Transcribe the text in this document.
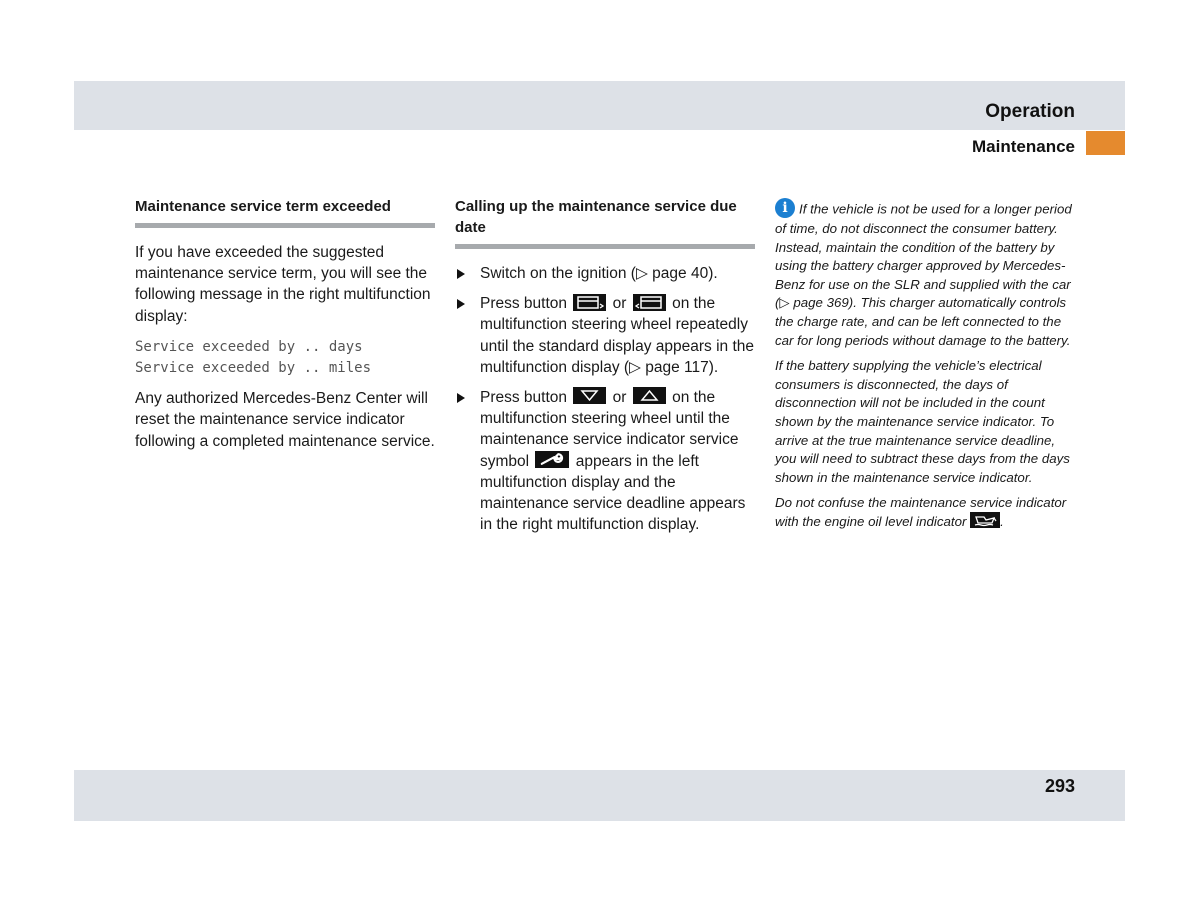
Operation
Maintenance
Maintenance service term exceeded

If you have exceeded the suggested maintenance service term, you will see the following message in the right multifunction display:

Service exceeded by .. days
Service exceeded by .. miles

Any authorized Mercedes-Benz Center will reset the maintenance service indicator following a completed maintenance service.

Calling up the maintenance service due date
Switch on the ignition (▷ page 40).
Press button	or	on the multifunction steering wheel repeatedly until the standard display appears in the multifunction display (▷ page 117).
Press button	or	on the multifunction steering wheel until the maintenance service indicator service symbol	appears in the left multifunction display and the maintenance service deadline appears in the right multifunction display.

i If the vehicle is not be used for a longer period of time, do not disconnect the consumer battery. Instead, maintain the condition of the battery by using the battery charger approved by Mercedes-Benz for use on the SLR and supplied with the car (▷ page 369). This charger automatically controls the charge rate, and can be left connected to the car for long periods without damage to the battery.

If the battery supplying the vehicle’s electrical consumers is disconnected, the days of disconnection will not be included in the count shown by the maintenance service indicator. To arrive at the true maintenance service deadline, you will need to subtract these days from the days shown in the maintenance service indicator.

Do not confuse the maintenance service indicator with the engine oil level indicator	.

293
